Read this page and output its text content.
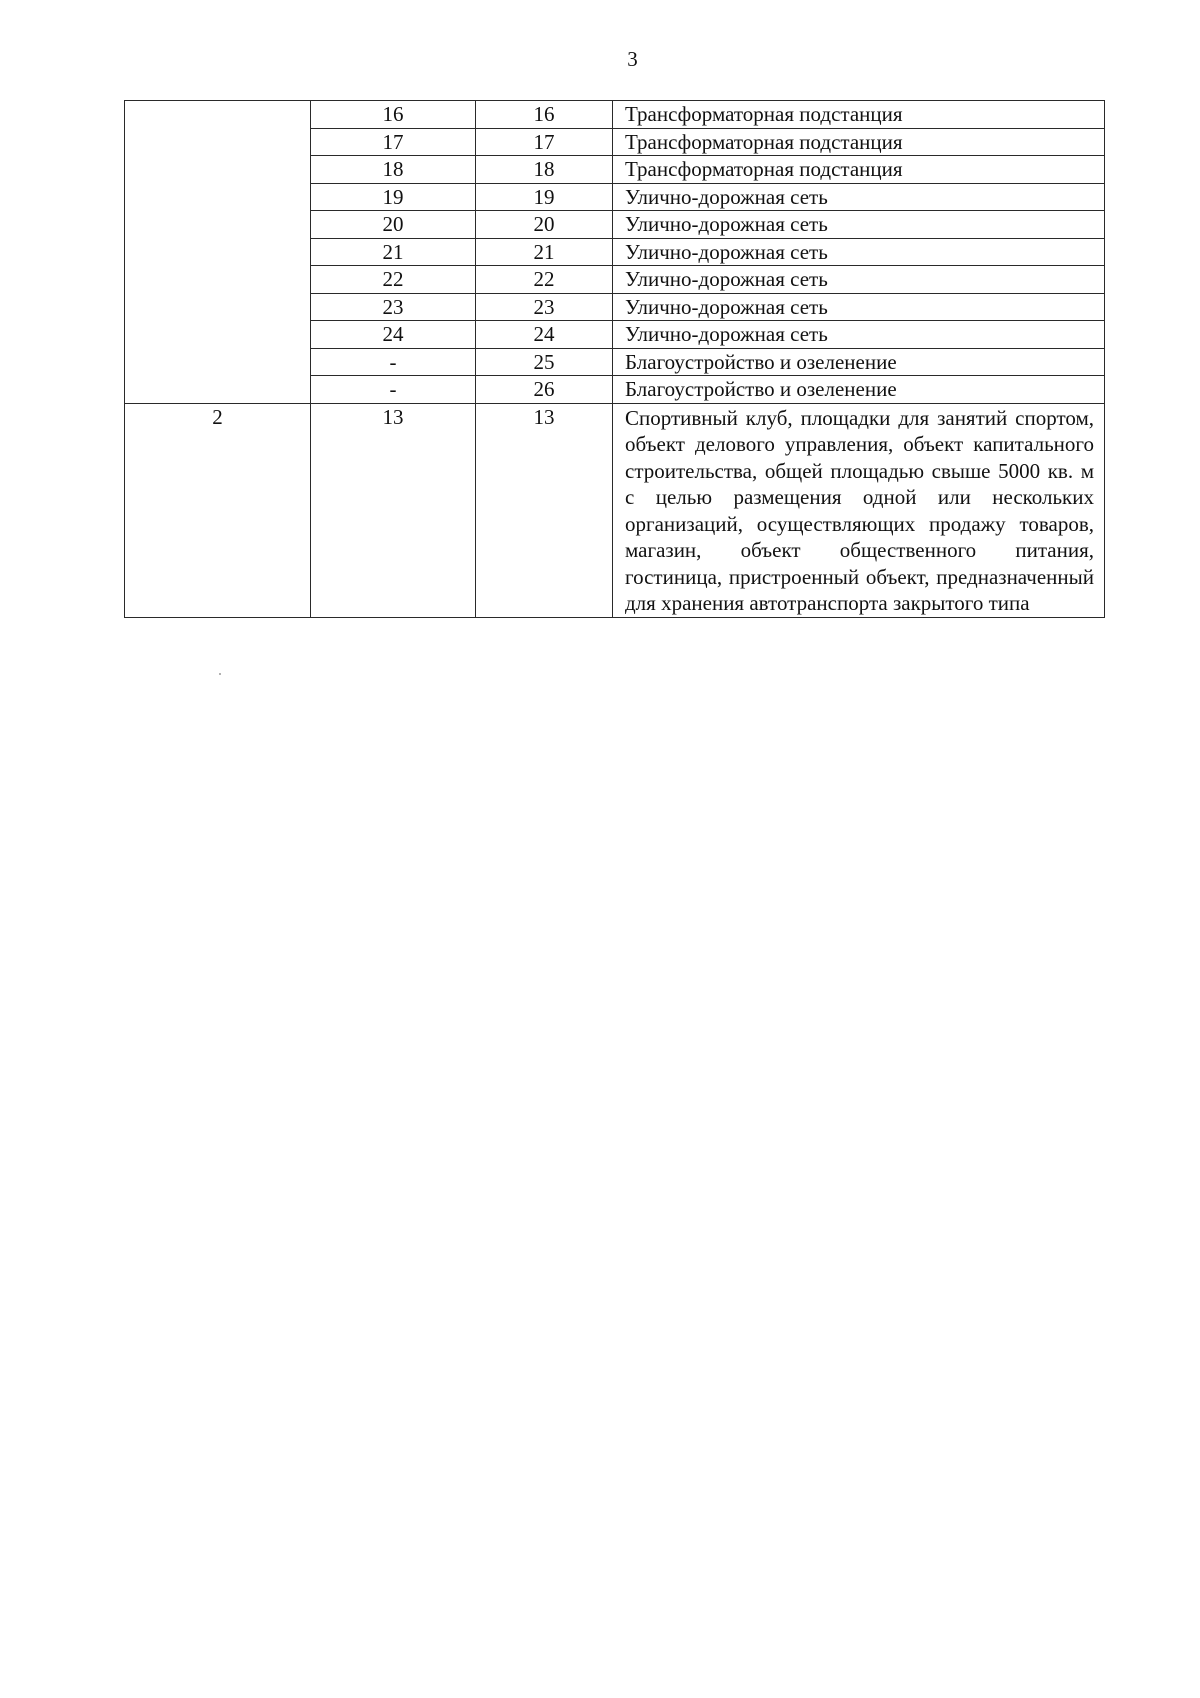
3
	16	16	Трансформаторная подстанция
	17	17	Трансформаторная подстанция
	18	18	Трансформаторная подстанция
	19	19	Улично-дорожная сеть
	20	20	Улично-дорожная сеть
	21	21	Улично-дорожная сеть
	22	22	Улично-дорожная сеть
	23	23	Улично-дорожная сеть
	24	24	Улично-дорожная сеть
	-	25	Благоустройство и озеленение
	-	26	Благоустройство и озеленение
2	13	13	Спортивный клуб, площадки для занятий спортом, объект делового управления, объект капитального строительства, общей площадью свыше 5000 кв. м с целью размещения одной или нескольких организаций, осуществляющих продажу товаров, магазин, объект общественного питания, гостиница, пристроенный объект, предназначенный для хранения автотранспорта закрытого типа
